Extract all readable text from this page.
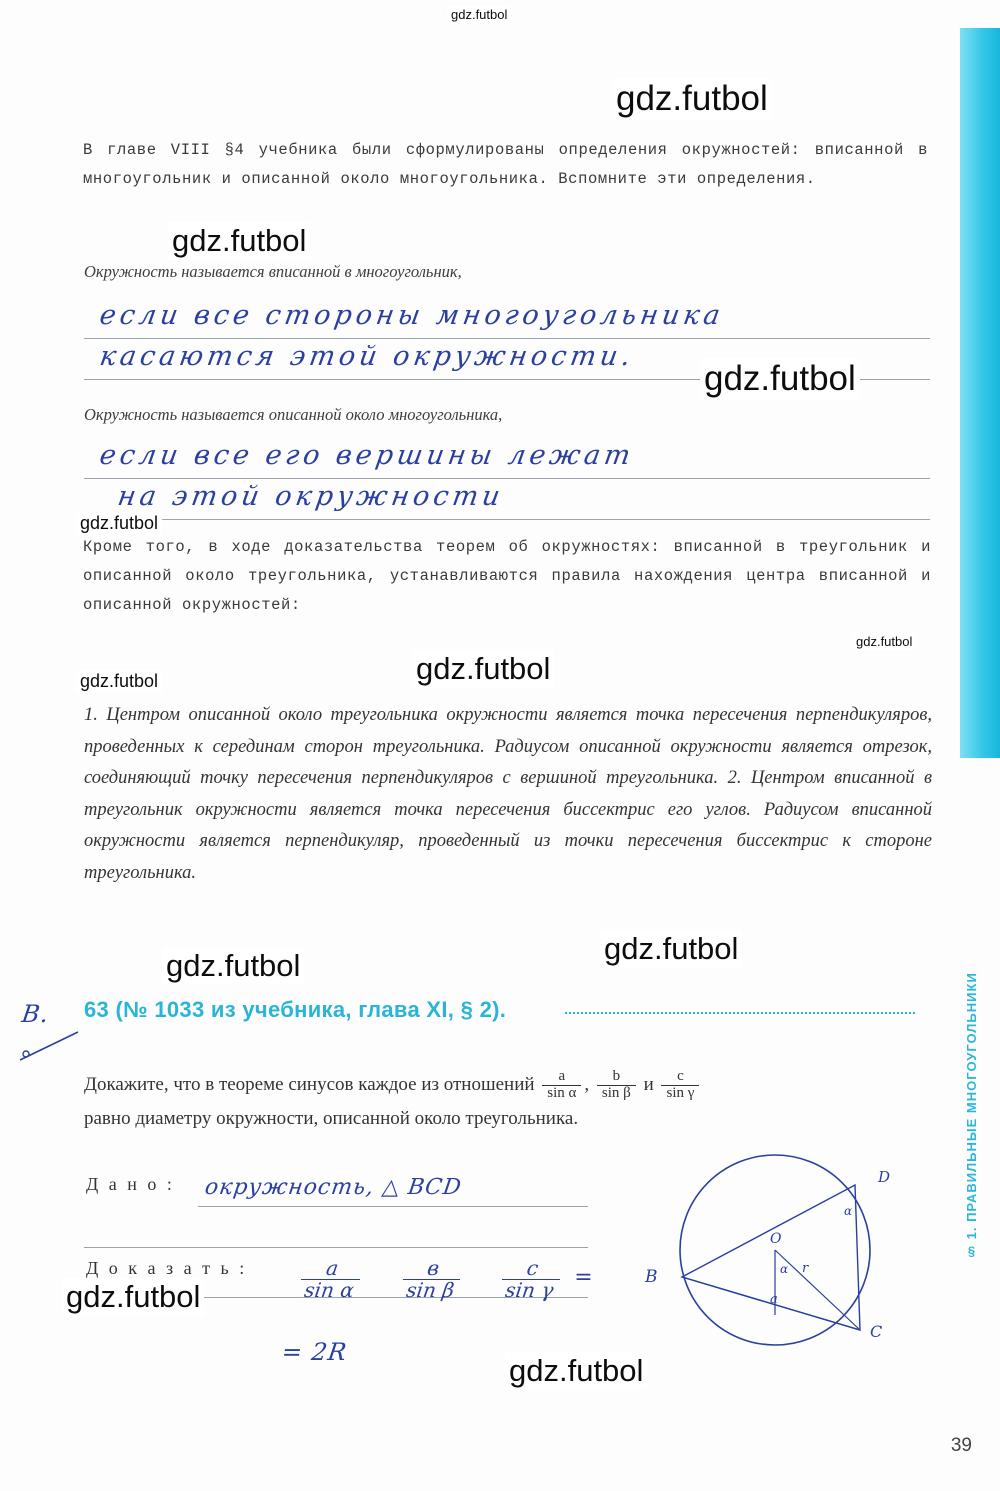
§ 1. ПРАВИЛЬНЫЕ МНОГОУГОЛЬНИКИ
39
В главе VIII §4 учебника были сформулированы определения окружностей: вписанной в многоугольник и описанной около многоугольника. Вспомните эти определения.
Окружность называется вписанной в многоугольник,
если все стороны многоугольника
касаются этой окружности.
Окружность называется описанной около многоугольника,
если все его вершины лежат
на этой окружности
Кроме того, в ходе доказательства теорем об окружностях: вписанной в треугольник и описанной около треугольника, устанавливаются правила нахождения центра вписанной и описанной окружностей:
1. Центром описанной около треугольника окружности является точка пересечения перпендикуляров, проведенных к серединам сторон треугольника. Радиусом описанной окружности является отрезок, соединяющий точку пересечения перпендикуляров с вершиной треугольника. 2. Центром вписанной в треугольник окружности является точка пересечения биссектрис его углов. Радиусом вписанной окружности является перпендикуляр, проведенный из точки пересечения биссектрис к стороне треугольника.
63 (№ 1033 из учебника, глава XI, § 2).
В.
Докажите, что в теореме синусов каждое из отношений $\frac{a}{\text{sin α}}$ , $\frac{b}{\text{sin β}}$ и $\frac{c}{\text{sin γ}}$

равно диаметру окружности, описанной около треугольника.
Д а н о : окружность, △ ВСD
Д о к а з а т ь :	$\frac{a}{\text{sin α}}$
$\frac{в}{\text{sin β}}$
$\frac{c}{\text{sin γ}}$ =
= 2R
D
O
r
α
α
a
B
C
gdz.futbol
gdz.futbol
gdz.futbol
gdz.futbol
gdz.futbol
gdz.futbol
gdz.futbol	gdz.futbol
gdz.futbol	gdz.futbol
gdz.futbol
gdz.futbol
